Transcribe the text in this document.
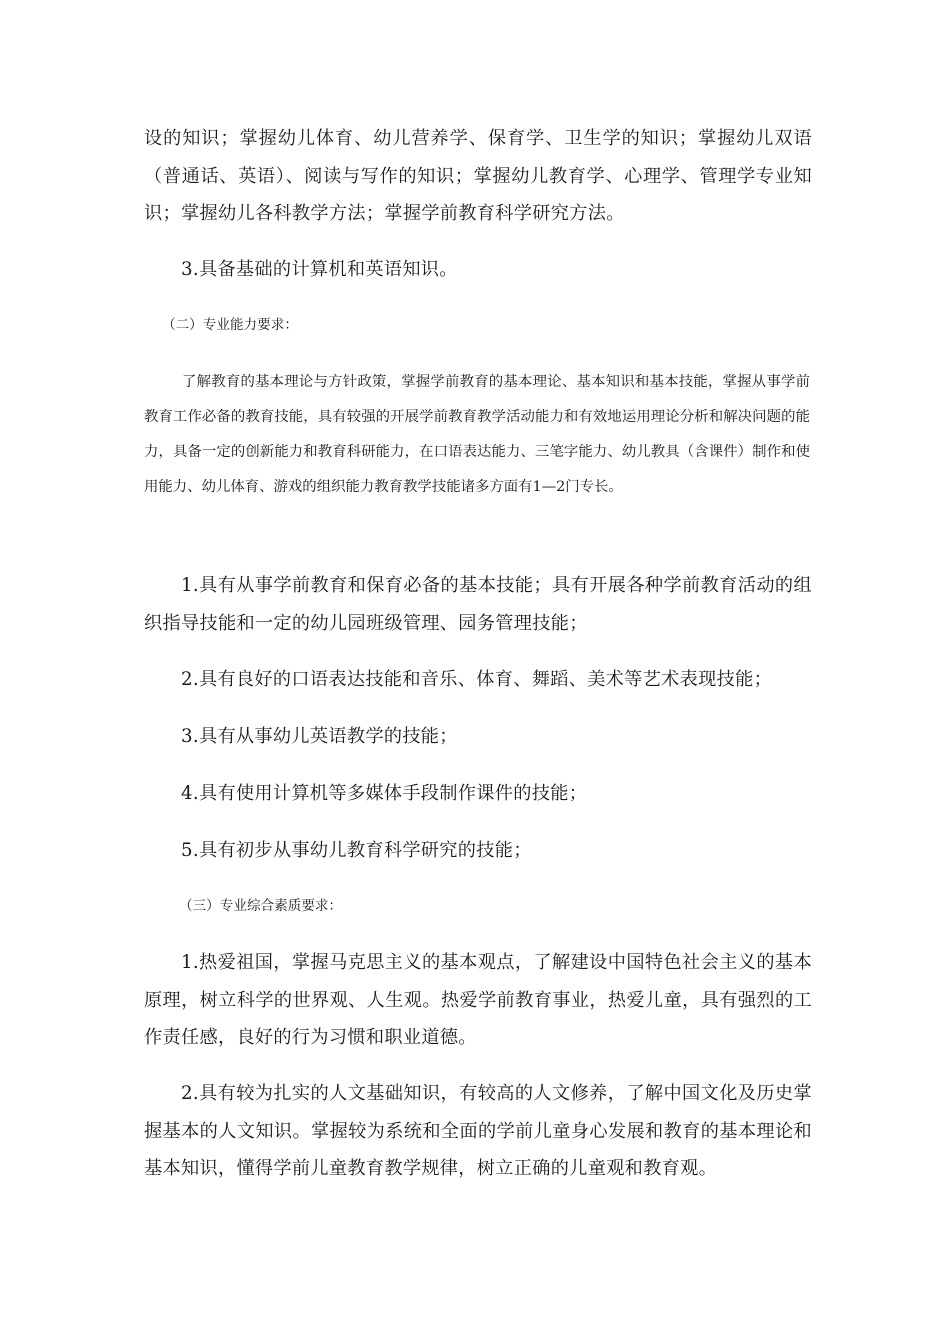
设的知识；掌握幼儿体育、幼儿营养学、保育学、卫生学的知识；掌握幼儿双语（普通话、英语）、阅读与写作的知识；掌握幼儿教育学、心理学、管理学专业知识；掌握幼儿各科教学方法；掌握学前教育科学研究方法。

3.具备基础的计算机和英语知识。

（二）专业能力要求：

了解教育的基本理论与方针政策，掌握学前教育的基本理论、基本知识和基本技能，掌握从事学前教育工作必备的教育技能，具有较强的开展学前教育教学活动能力和有效地运用理论分析和解决问题的能力，具备一定的创新能力和教育科研能力，在口语表达能力、三笔字能力、幼儿教具（含课件）制作和使用能力、幼儿体育、游戏的组织能力教育教学技能诸多方面有1—2门专长。

1.具有从事学前教育和保育必备的基本技能；具有开展各种学前教育活动的组织指导技能和一定的幼儿园班级管理、园务管理技能；

2.具有良好的口语表达技能和音乐、体育、舞蹈、美术等艺术表现技能；

3.具有从事幼儿英语教学的技能；

4.具有使用计算机等多媒体手段制作课件的技能；

5.具有初步从事幼儿教育科学研究的技能；

（三）专业综合素质要求：

1.热爱祖国，掌握马克思主义的基本观点，了解建设中国特色社会主义的基本原理，树立科学的世界观、人生观。热爱学前教育事业，热爱儿童，具有强烈的工作责任感，良好的行为习惯和职业道德。

2.具有较为扎实的人文基础知识，有较高的人文修养，了解中国文化及历史掌握基本的人文知识。掌握较为系统和全面的学前儿童身心发展和教育的基本理论和基本知识，懂得学前儿童教育教学规律，树立正确的儿童观和教育观。
